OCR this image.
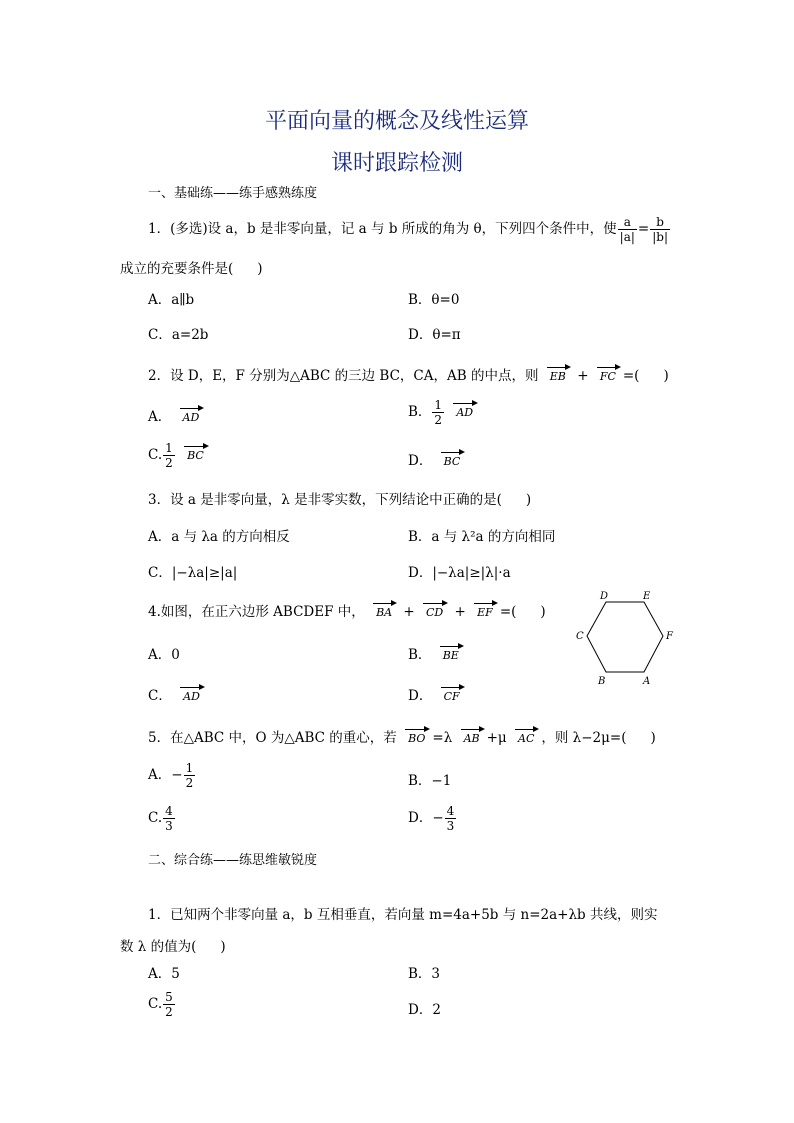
平面向量的概念及线性运算
课时跟踪检测
一、基础练——练手感熟练度
1．(多选)设 a，b 是非零向量，记 a 与 b 所成的角为 θ，下列四个条件中，使 $\frac{a}{|a|} = \frac{b}{|b|}$
成立的充要条件是( )
A．a∥b	B．θ=0
C．a=2b	D．θ=π
2．设 D，E，F 分别为△ABC 的三边 BC，CA，AB 的中点，则 EB + FC =( )
A． AD	B． $\frac{1}{2}$ AD
C. $\frac{1}{2}$ BC	D． BC
3．设 a 是非零向量，λ 是非零实数，下列结论中正确的是( )
A．a 与 λa 的方向相反	B．a 与 λ²a 的方向相同
C．|−λa|≥|a|	D．|−λa|≥|λ|·a
4.如图，在正六边形 ABCDEF 中， BA + CD + EF =( )
A．0	B． BE
C． AD	D． CF
D	E
C	F
B	A
5．在△ABC 中，O 为△ABC 的重心，若 BO =λ AB +μ AC ，则 λ−2μ=( )
A．− $\frac{1}{2}$	B．−1
C. $\frac{4}{3}$	D．− $\frac{4}{3}$
二、综合练——练思维敏锐度
1．已知两个非零向量 a，b 互相垂直，若向量 m=4a+5b 与 n=2a+λb 共线，则实
数 λ 的值为( )
A．5	B．3
C. $\frac{5}{2}$	D．2
